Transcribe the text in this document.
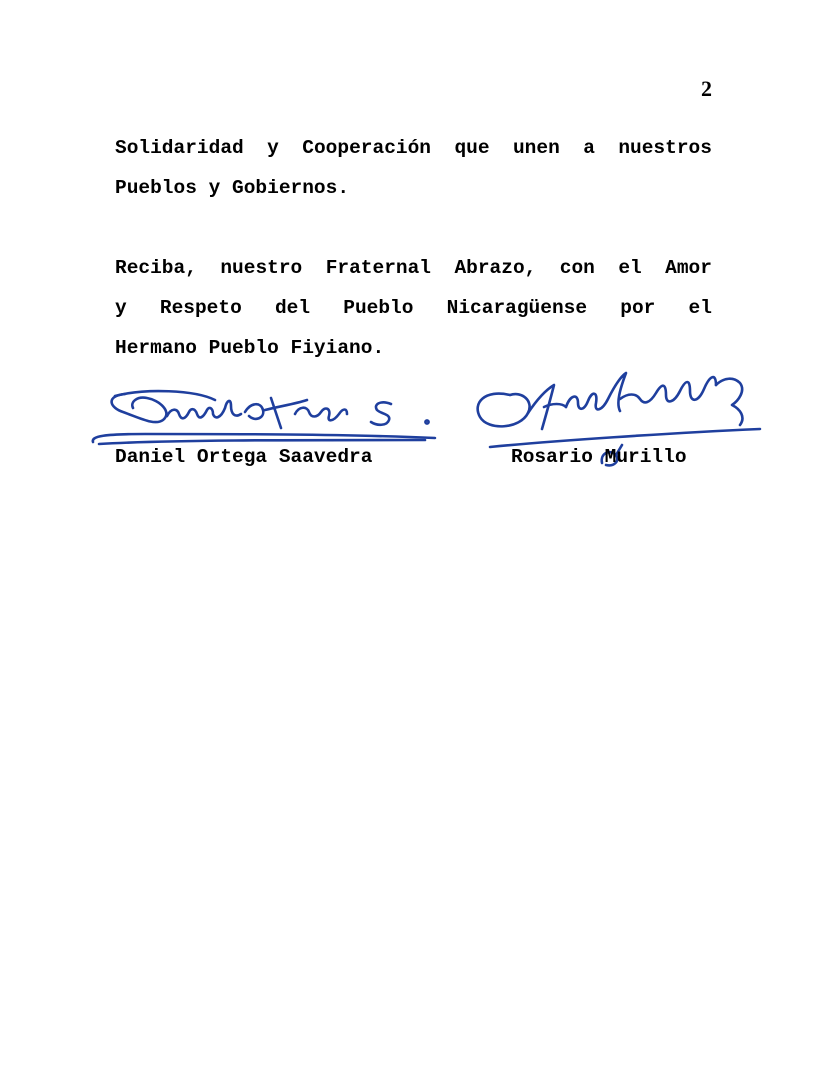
2
Solidaridad y Cooperación que unen a nuestros
Pueblos y Gobiernos.
Reciba, nuestro Fraternal Abrazo, con el Amor
y Respeto del Pueblo Nicaragüense por el
Hermano Pueblo Fiyiano.
Daniel Ortega Saavedra	Rosario Murillo
